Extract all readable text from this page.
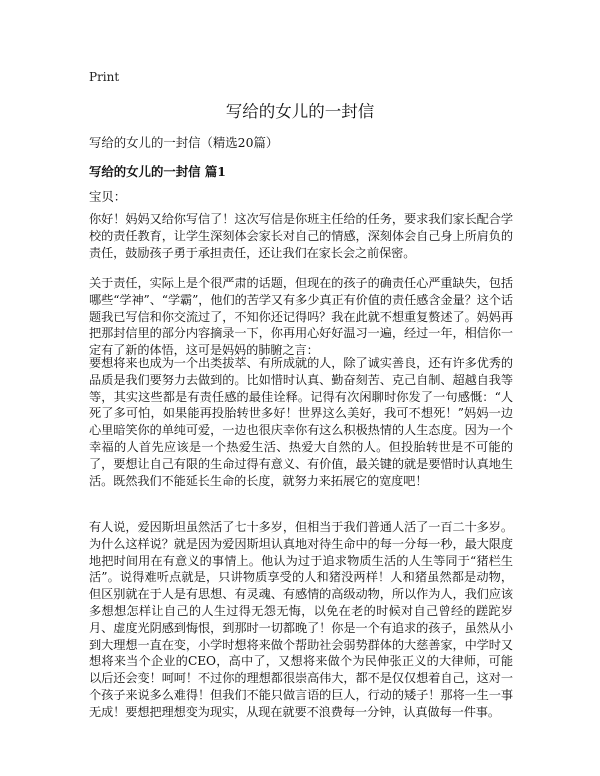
Print
写给的女儿的一封信
写给的女儿的一封信（精选20篇）
写给的女儿的一封信 篇1
宝贝：

你好！妈妈又给你写信了！这次写信是你班主任给的任务，要求我们家长配合学校的责任教育，让学生深刻体会家长对自己的情感，深刻体会自己身上所肩负的责任，鼓励孩子勇于承担责任，还让我们在家长会之前保密。

关于责任，实际上是个很严肃的话题，但现在的孩子的确责任心严重缺失，包括哪些“学神”、“学霸”，他们的苦学又有多少真正有价值的责任感含金量？这个话题我已写信和你交流过了，不知你还记得吗？我在此就不想重复赘述了。妈妈再把那封信里的部分内容摘录一下，你再用心好好温习一遍，经过一年，相信你一定有了新的体悟，这可是妈妈的肺腑之言：

要想将来也成为一个出类拔萃、有所成就的人，除了诚实善良，还有许多优秀的品质是我们要努力去做到的。比如惜时认真、勤奋刻苦、克己自制、超越自我等等，其实这些都是有责任感的最佳诠释。记得有次闲聊时你发了一句感慨：“人死了多可怕，如果能再投胎转世多好！世界这么美好，我可不想死！”妈妈一边心里暗笑你的单纯可爱，一边也很庆幸你有这么积极热情的人生态度。因为一个幸福的人首先应该是一个热爱生活、热爱大自然的人。但投胎转世是不可能的了，要想让自己有限的生命过得有意义、有价值，最关键的就是要惜时认真地生活。既然我们不能延长生命的长度，就努力来拓展它的宽度吧！

有人说，爱因斯坦虽然活了七十多岁，但相当于我们普通人活了一百二十多岁。为什么这样说？就是因为爱因斯坦认真地对待生命中的每一分每一秒，最大限度地把时间用在有意义的事情上。他认为过于追求物质生活的人生等同于“猪栏生活”。说得难听点就是，只讲物质享受的人和猪没两样！人和猪虽然都是动物，但区别就在于人是有思想、有灵魂、有感情的高级动物，所以作为人，我们应该多想想怎样让自己的人生过得无怨无悔，以免在老的时候对自己曾经的蹉跎岁月、虚度光阴感到悔恨，到那时一切都晚了！你是一个有追求的孩子，虽然从小到大理想一直在变，小学时想将来做个帮助社会弱势群体的大慈善家，中学时又想将来当个企业的CEO，高中了，又想将来做个为民伸张正义的大律师，可能以后还会变！呵呵！不过你的理想都很崇高伟大，都不是仅仅想着自己，这对一个孩子来说多么难得！但我们不能只做言语的巨人，行动的矮子！那将一生一事无成！要想把理想变为现实，从现在就要不浪费每一分钟，认真做每一件事。
